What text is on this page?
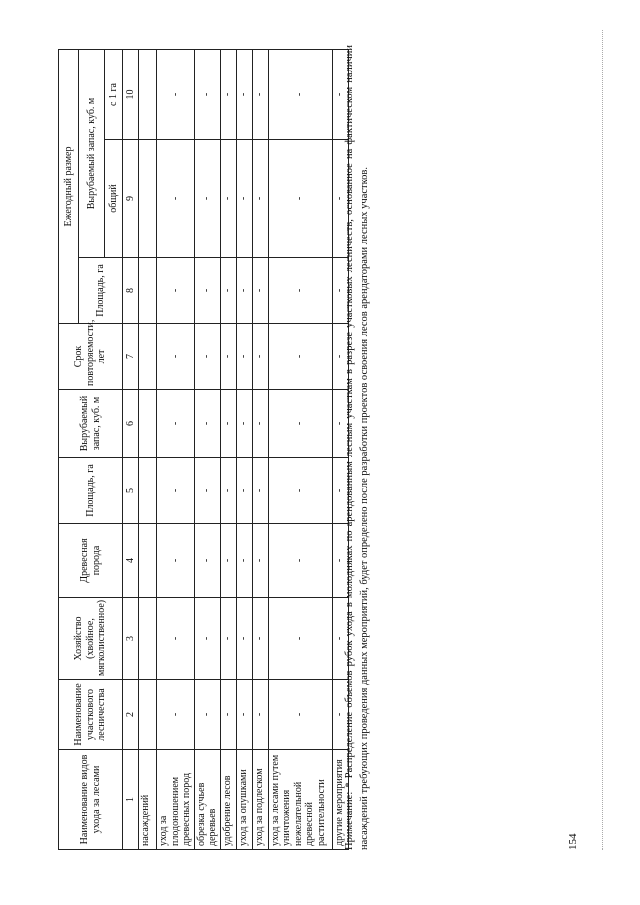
Наименование видов ухода за лесами	Наименование участкового лесничества	Хозяйство (хвойное, мягколиственное)	Древесная порода	Площадь, га	Вырубаемый запас, куб. м	Срок повторяемости, лет	Ежегодный размер		
							Площадь, га	Вырубаемый запас, куб. м	
								общий	с 1 га
1	2	3	4	5	6	7	8	9	10
насаждений									
уход за плодоношением древесных пород	-	-	-	-	-	-	-	-	-
обрезка сучьев деревьев	-	-	-	-	-	-	-	-	-
удобрение лесов	-	-	-	-	-	-	-	-	-
уход за опушками	-	-	-	-	-	-	-	-	-
уход за подлеском	-	-	-	-	-	-	-	-	-
уход за лесами путем уничтожения нежелательной древесной растительности	-	-	-	-	-	-	-	-	-
другие мероприятия	-	-	-	-	-	-	-	-	-
Примечание: * Распределение объемов рубок ухода в молодняках по арендованным лесным участкам в разрезе участковых лесничеств, основанное на фактическом наличии насаждений требующих проведения данных мероприятий, будет определено после разработки проектов освоения лесов арендаторами лесных участков.	154
